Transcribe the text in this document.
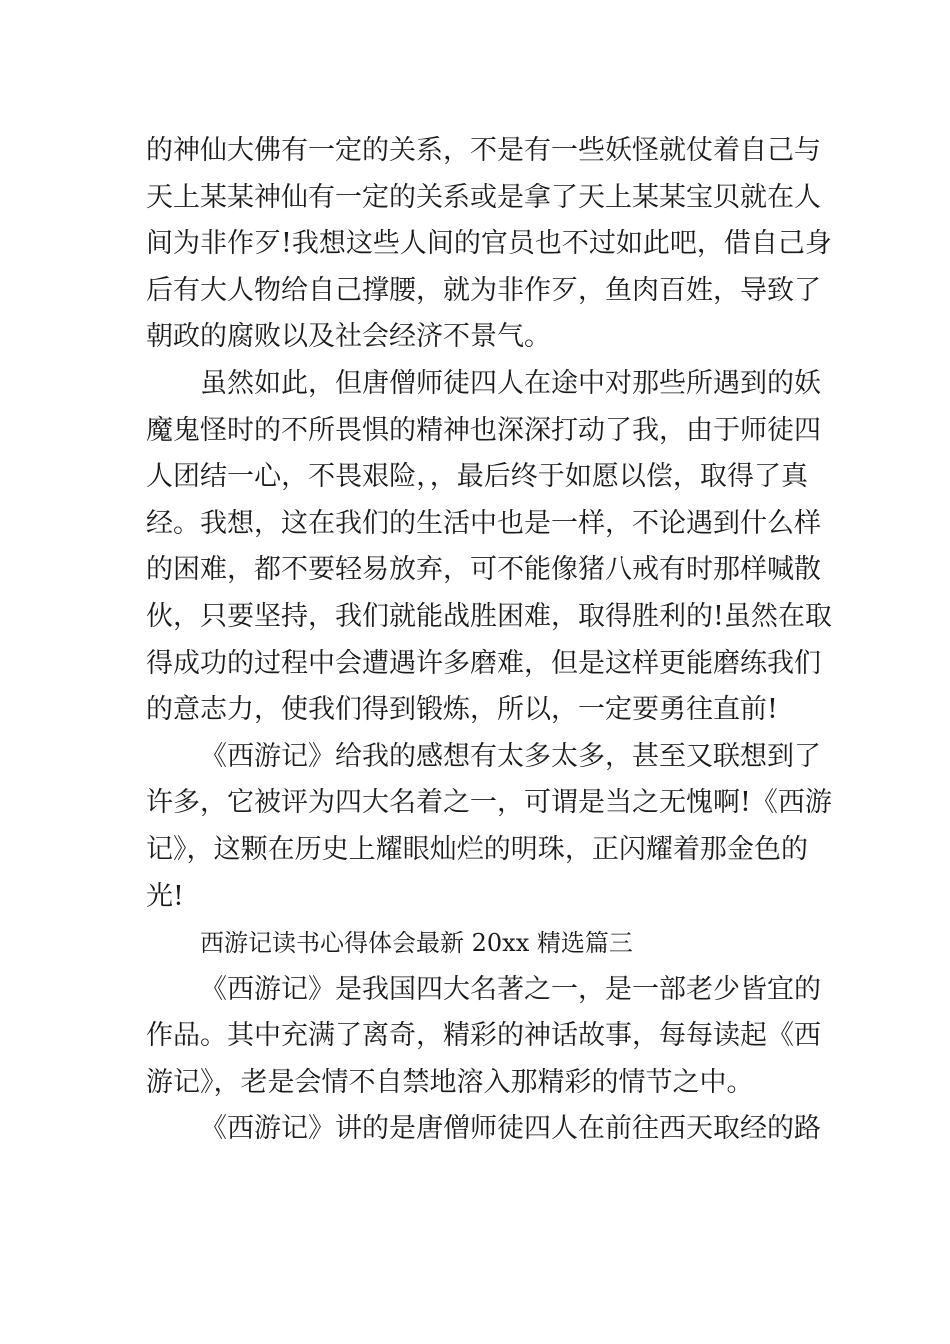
的神仙大佛有一定的关系，不是有一些妖怪就仗着自己与
天上某某神仙有一定的关系或是拿了天上某某宝贝就在人
间为非作歹!我想这些人间的官员也不过如此吧，借自己身
后有大人物给自己撑腰，就为非作歹，鱼肉百姓，导致了
朝政的腐败以及社会经济不景气。
虽然如此，但唐僧师徒四人在途中对那些所遇到的妖
魔鬼怪时的不所畏惧的精神也深深打动了我，由于师徒四
人团结一心，不畏艰险，，最后终于如愿以偿，取得了真
经。我想，这在我们的生活中也是一样，不论遇到什么样
的困难，都不要轻易放弃，可不能像猪八戒有时那样喊散
伙，只要坚持，我们就能战胜困难，取得胜利的!虽然在取
得成功的过程中会遭遇许多磨难，但是这样更能磨练我们
的意志力，使我们得到锻炼，所以，一定要勇往直前!
《西游记》给我的感想有太多太多，甚至又联想到了
许多，它被评为四大名着之一，可谓是当之无愧啊!《西游
记》，这颗在历史上耀眼灿烂的明珠，正闪耀着那金色的
光!
西游记读书心得体会最新 20xx 精选篇三
《西游记》是我国四大名著之一，是一部老少皆宜的
作品。其中充满了离奇，精彩的神话故事，每每读起《西
游记》，老是会情不自禁地溶入那精彩的情节之中。
《西游记》讲的是唐僧师徒四人在前往西天取经的路
